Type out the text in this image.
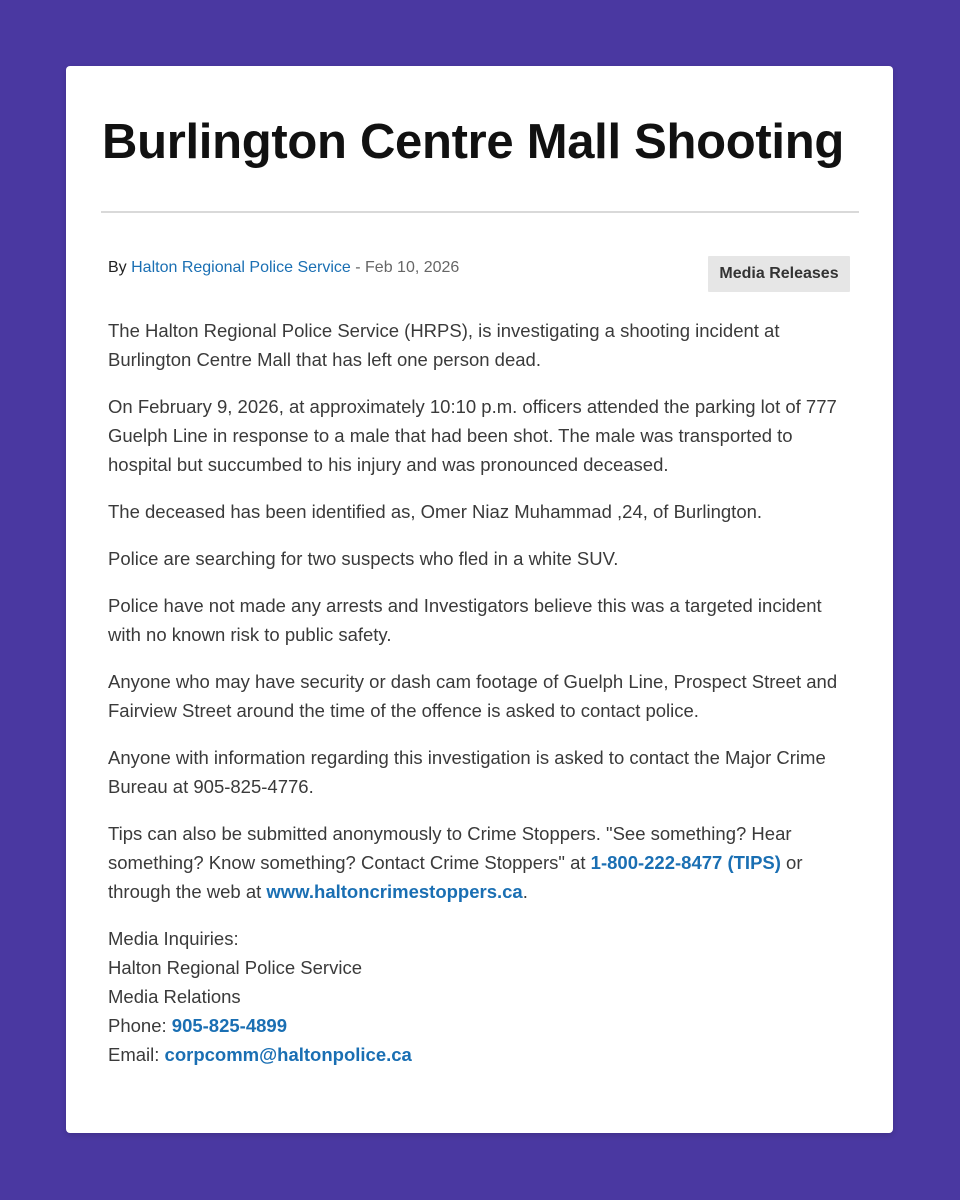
Burlington Centre Mall Shooting
By Halton Regional Police Service - Feb 10, 2026	Media Releases

The Halton Regional Police Service (HRPS), is investigating a shooting incident at Burlington Centre Mall that has left one person dead.

On February 9, 2026, at approximately 10:10 p.m. officers attended the parking lot of 777 Guelph Line in response to a male that had been shot. The male was transported to hospital but succumbed to his injury and was pronounced deceased.

The deceased has been identified as, Omer Niaz Muhammad ,24, of Burlington.

Police are searching for two suspects who fled in a white SUV.

Police have not made any arrests and Investigators believe this was a targeted incident with no known risk to public safety.

Anyone who may have security or dash cam footage of Guelph Line, Prospect Street and Fairview Street around the time of the offence is asked to contact police.

Anyone with information regarding this investigation is asked to contact the Major Crime Bureau at 905-825-4776.

Tips can also be submitted anonymously to Crime Stoppers. "See something? Hear something? Know something? Contact Crime Stoppers" at 1-800-222-8477 (TIPS) or through the web at www.haltoncrimestoppers.ca.

Media Inquiries:
Halton Regional Police Service
Media Relations
Phone: 905-825-4899
Email: corpcomm@haltonpolice.ca
